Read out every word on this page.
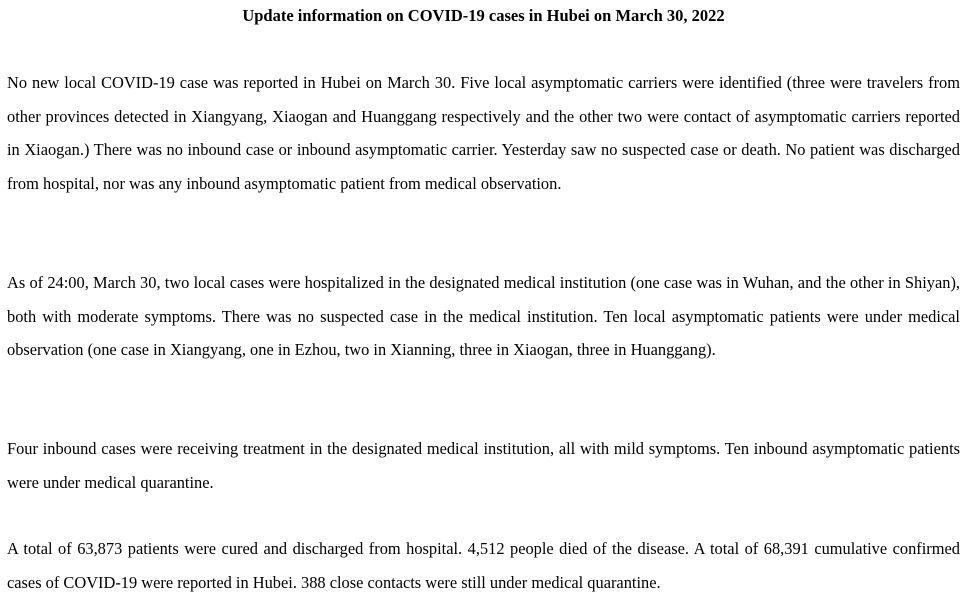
Update information on COVID-19 cases in Hubei on March 30, 2022

No new local COVID-19 case was reported in Hubei on March 30. Five local asymptomatic carriers were identified (three were travelers from other provinces detected in Xiangyang, Xiaogan and Huanggang respectively and the other two were contact of asymptomatic carriers reported in Xiaogan.) There was no inbound case or inbound asymptomatic carrier. Yesterday saw no suspected case or death. No patient was discharged from hospital, nor was any inbound asymptomatic patient from medical observation.

As of 24:00, March 30, two local cases were hospitalized in the designated medical institution (one case was in Wuhan, and the other in Shiyan), both with moderate symptoms. There was no suspected case in the medical institution. Ten local asymptomatic patients were under medical observation (one case in Xiangyang, one in Ezhou, two in Xianning, three in Xiaogan, three in Huanggang).

Four inbound cases were receiving treatment in the designated medical institution, all with mild symptoms. Ten inbound asymptomatic patients were under medical quarantine.

A total of 63,873 patients were cured and discharged from hospital. 4,512 people died of the disease. A total of 68,391 cumulative confirmed cases of COVID-19 were reported in Hubei. 388 close contacts were still under medical quarantine.
